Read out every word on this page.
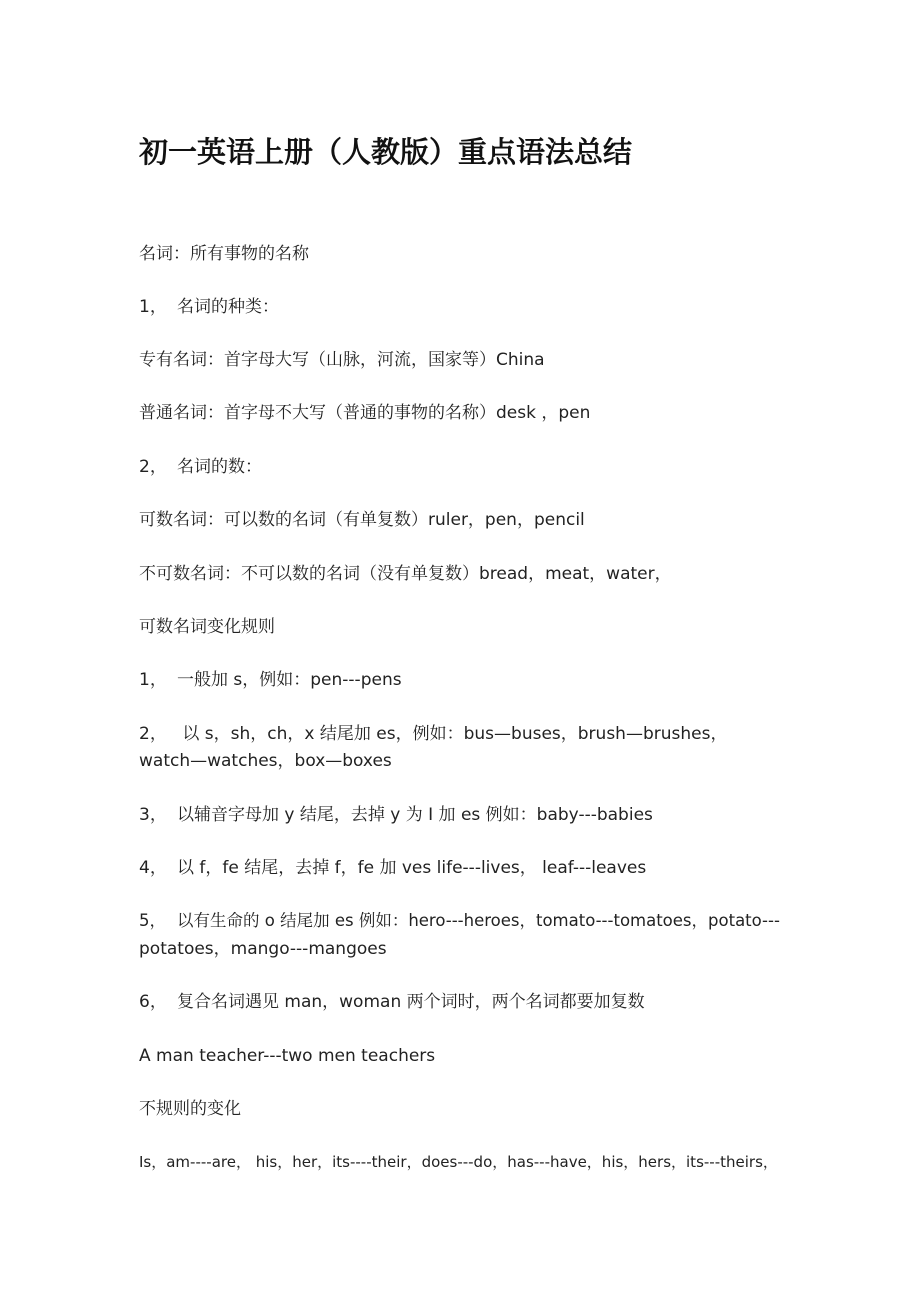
初一英语上册（人教版）重点语法总结

名词：所有事物的名称

1， 名词的种类：

专有名词：首字母大写（山脉，河流，国家等）China

普通名词：首字母不大写（普通的事物的名称）desk ，pen

2， 名词的数：

可数名词：可以数的名词（有单复数）ruler，pen，pencil

不可数名词：不可以数的名词（没有单复数）bread，meat，water，

可数名词变化规则

1， 一般加 s，例如：pen---pens

2， 以 s，sh，ch，x 结尾加 es，例如：bus—buses，brush—brushes，

watch—watches，box—boxes

3， 以辅音字母加 y 结尾，去掉 y 为 I 加 es 例如：baby---babies

4， 以 f，fe 结尾，去掉 f，fe 加 ves life---lives， leaf---leaves

5， 以有生命的 o 结尾加 es 例如：hero---heroes，tomato---tomatoes，potato---

potatoes，mango---mangoes

6， 复合名词遇见 man，woman 两个词时，两个名词都要加复数

A man teacher---two men teachers

不规则的变化

Is，am----are， his，her，its----their，does---do，has---have，his，hers，its---theirs，
